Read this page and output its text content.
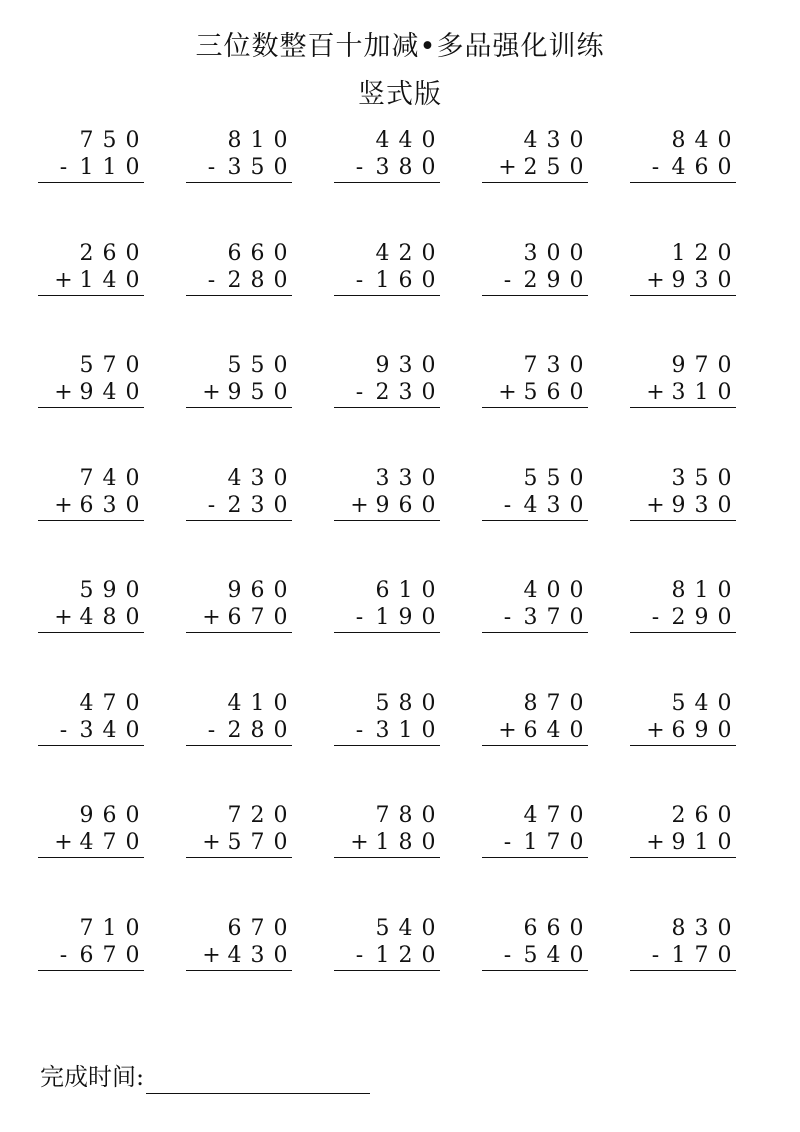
三位数整百十加减•多品强化训练
竖式版
7 5 0
- 1 1 0
8 1 0
- 3 5 0
4 4 0
- 3 8 0
4 3 0
+ 2 5 0
8 4 0
- 4 6 0
2 6 0
+ 1 4 0
6 6 0
- 2 8 0
4 2 0
- 1 6 0
3 0 0
- 2 9 0
1 2 0
+ 9 3 0
5 7 0
+ 9 4 0
5 5 0
+ 9 5 0
9 3 0
- 2 3 0
7 3 0
+ 5 6 0
9 7 0
+ 3 1 0
7 4 0
+ 6 3 0
4 3 0
- 2 3 0
3 3 0
+ 9 6 0
5 5 0
- 4 3 0
3 5 0
+ 9 3 0
5 9 0
+ 4 8 0
9 6 0
+ 6 7 0
6 1 0
- 1 9 0
4 0 0
- 3 7 0
8 1 0
- 2 9 0
4 7 0
- 3 4 0
4 1 0
- 2 8 0
5 8 0
- 3 1 0
8 7 0
+ 6 4 0
5 4 0
+ 6 9 0
9 6 0
+ 4 7 0
7 2 0
+ 5 7 0
7 8 0
+ 1 8 0
4 7 0
- 1 7 0
2 6 0
+ 9 1 0
7 1 0
- 6 7 0
6 7 0
+ 4 3 0
5 4 0
- 1 2 0
6 6 0
- 5 4 0
8 3 0
- 1 7 0
完成时间:
